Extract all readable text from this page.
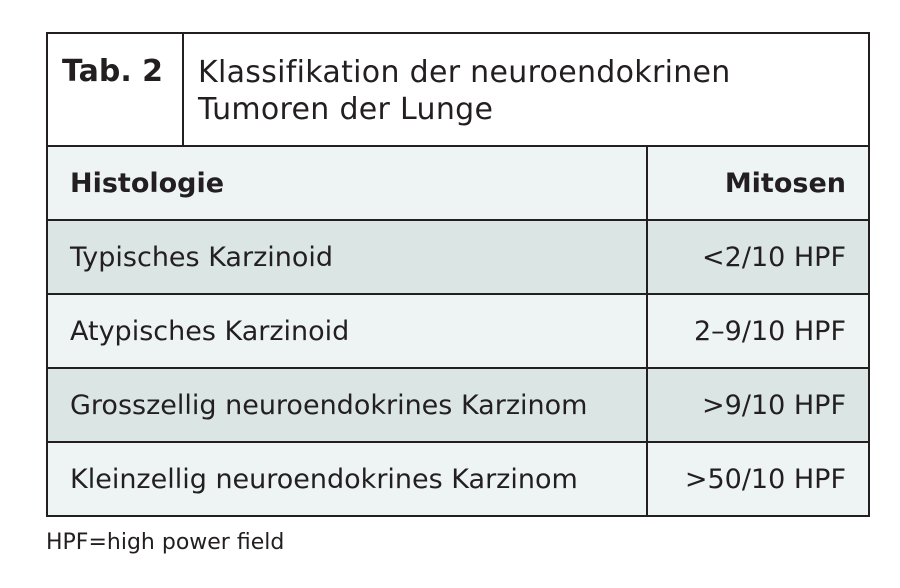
Tab. 2	Klassifikation der neuroendokrinen
Tumoren der Lunge
Histologie	Mitosen
Typisches Karzinoid	<2/10 HPF
Atypisches Karzinoid	2–9/10 HPF
Grosszellig neuroendokrines Karzinom	>9/10 HPF
Kleinzellig neuroendokrines Karzinom	>50/10 HPF
HPF=high power field
